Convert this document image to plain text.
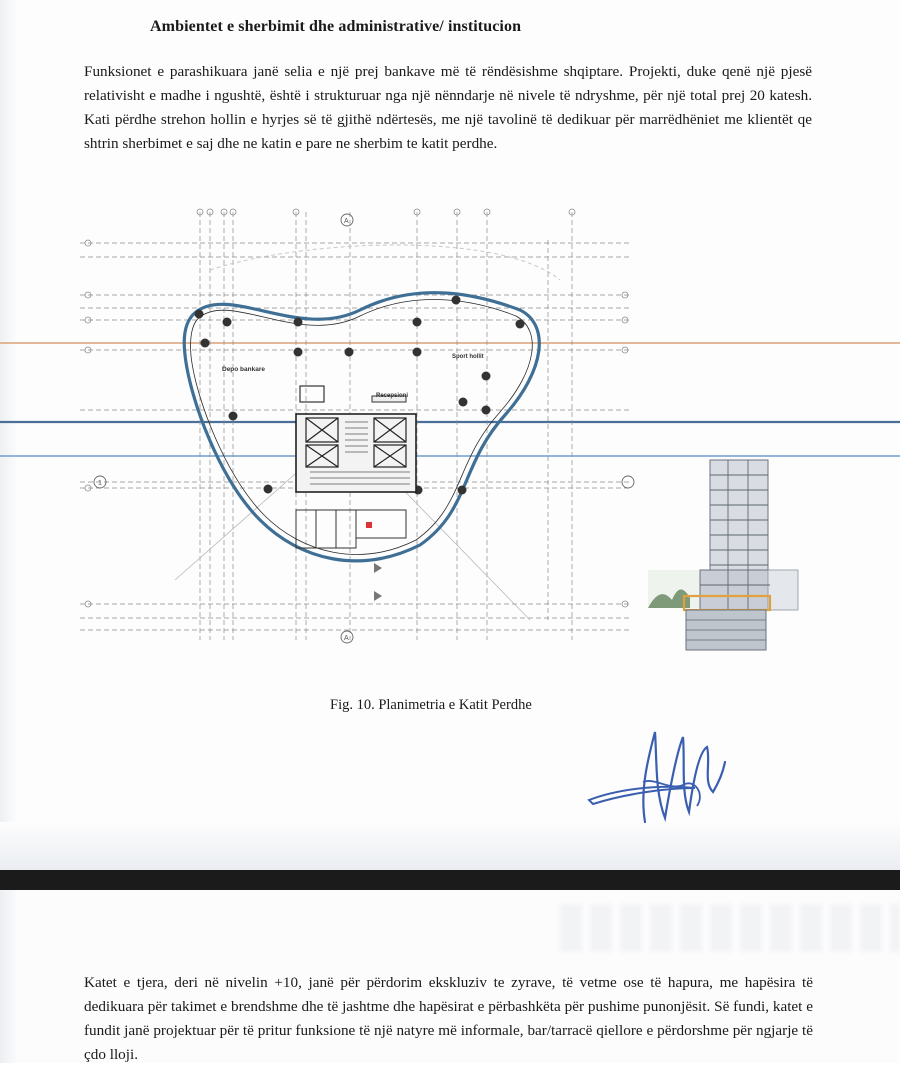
Ambientet e sherbimit dhe administrative/ institucion
Funksionet e parashikuara janë selia e një prej bankave më të rëndësishme shqiptare. Projekti, duke qenë një pjesë relativisht e madhe i ngushtë, është i strukturuar nga një nënndarje në nivele të ndryshme, për një total prej 20 katesh. Kati përdhe strehon hollin e hyrjes së të gjithë ndërtesës, me një tavolinë të dedikuar për marrëdhëniet me klientët qe shtrin sherbimet e saj dhe ne katin e pare ne sherbim te katit perdhe.
A
A
1
Depo bankare
Recepsioni
Sport hollit
Fig. 10. Planimetria e Katit Perdhe
Katet e tjera, deri në nivelin +10, janë për përdorim ekskluziv te zyrave, të vetme ose të hapura, me hapësira të dedikuara për takimet e brendshme dhe të jashtme dhe hapësirat e përbashkëta për pushime punonjësit. Së fundi, katet e fundit janë projektuar për të pritur funksione të një natyre më informale, bar/tarracë qiellore e përdorshme për ngjarje të çdo lloji.
